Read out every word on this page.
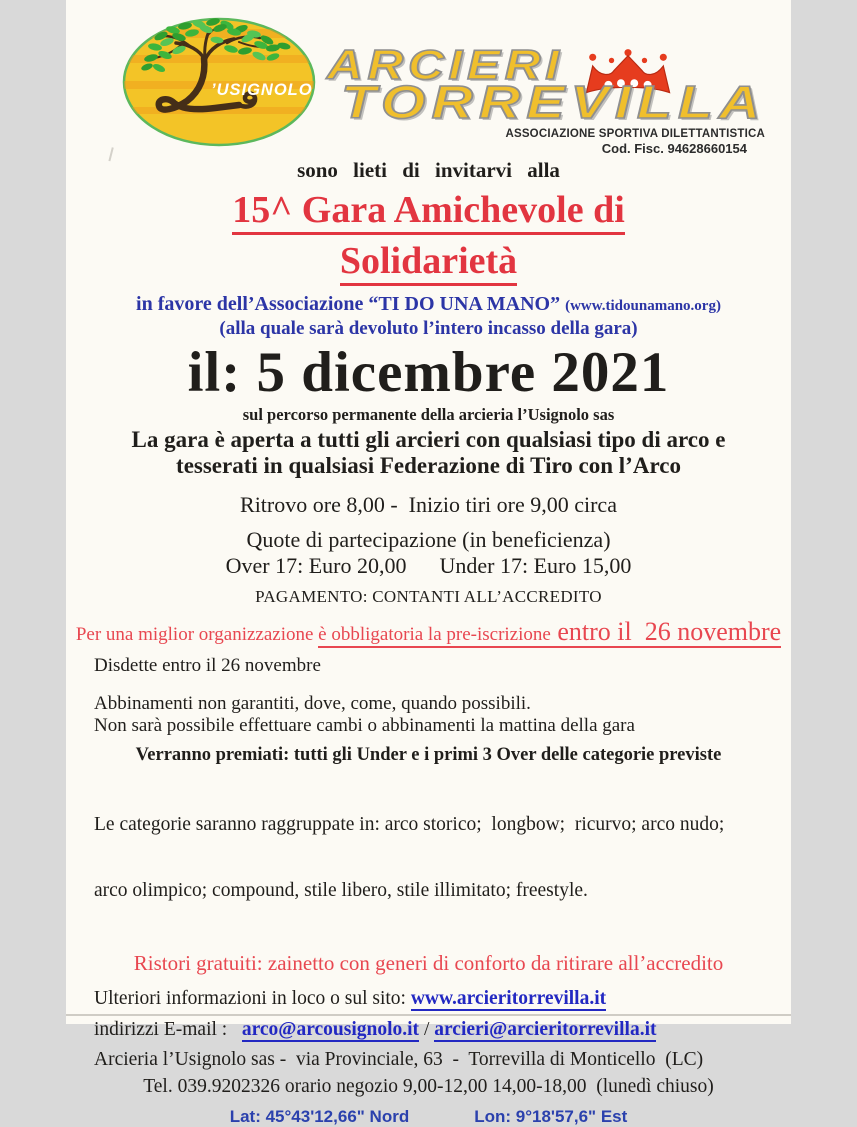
’USIGNOLO
ARCIERI
TORREVILLA
ASSOCIAZIONE SPORTIVA DILETTANTISTICA
Cod. Fisc. 94628660154
sono lieti di invitarvi alla
15^ Gara Amichevole di
Solidarietà
in favore dell’Associazione “TI DO UNA MANO” (www.tidounamano.org)
(alla quale sarà devoluto l’intero incasso della gara)
il: 5 dicembre 2021
sul percorso permanente della arcieria l’Usignolo sas
La gara è aperta a tutti gli arcieri con qualsiasi tipo di arco e
tesserati in qualsiasi Federazione di Tiro con l’Arco
Ritrovo ore 8,00 -  Inizio tiri ore 9,00 circa
Quote di partecipazione (in beneficienza)
Over 17: Euro 20,00      Under 17: Euro 15,00
PAGAMENTO: CONTANTI ALL’ACCREDITO
Per una miglior organizzazione è obbligatoria la pre-iscrizione entro il  26 novembre
Disdette entro il 26 novembre
Abbinamenti non garantiti, dove, come, quando possibili.
Non sarà possibile effettuare cambi o abbinamenti la mattina della gara
Verranno premiati: tutti gli Under e i primi 3 Over delle categorie previste

Le categorie saranno raggruppate in: arco storico;  longbow;  ricurvo; arco nudo;

arco olimpico; compound, stile libero, stile illimitato; freestyle.

Ristori gratuiti: zainetto con generi di conforto da ritirare all’accredito
Ulteriori informazioni in loco o sul sito: www.arcieritorrevilla.it
indirizzi E-mail :   arco@arcousignolo.it / arcieri@arcieritorrevilla.it
Arcieria l’Usignolo sas -  via Provinciale, 63  -  Torrevilla di Monticello  (LC)
Tel. 039.9202326 orario negozio 9,00-12,00 14,00-18,00  (lunedì chiuso)
Lat: 45°43'12,66" Nord	Lon: 9°18'57,6" Est
